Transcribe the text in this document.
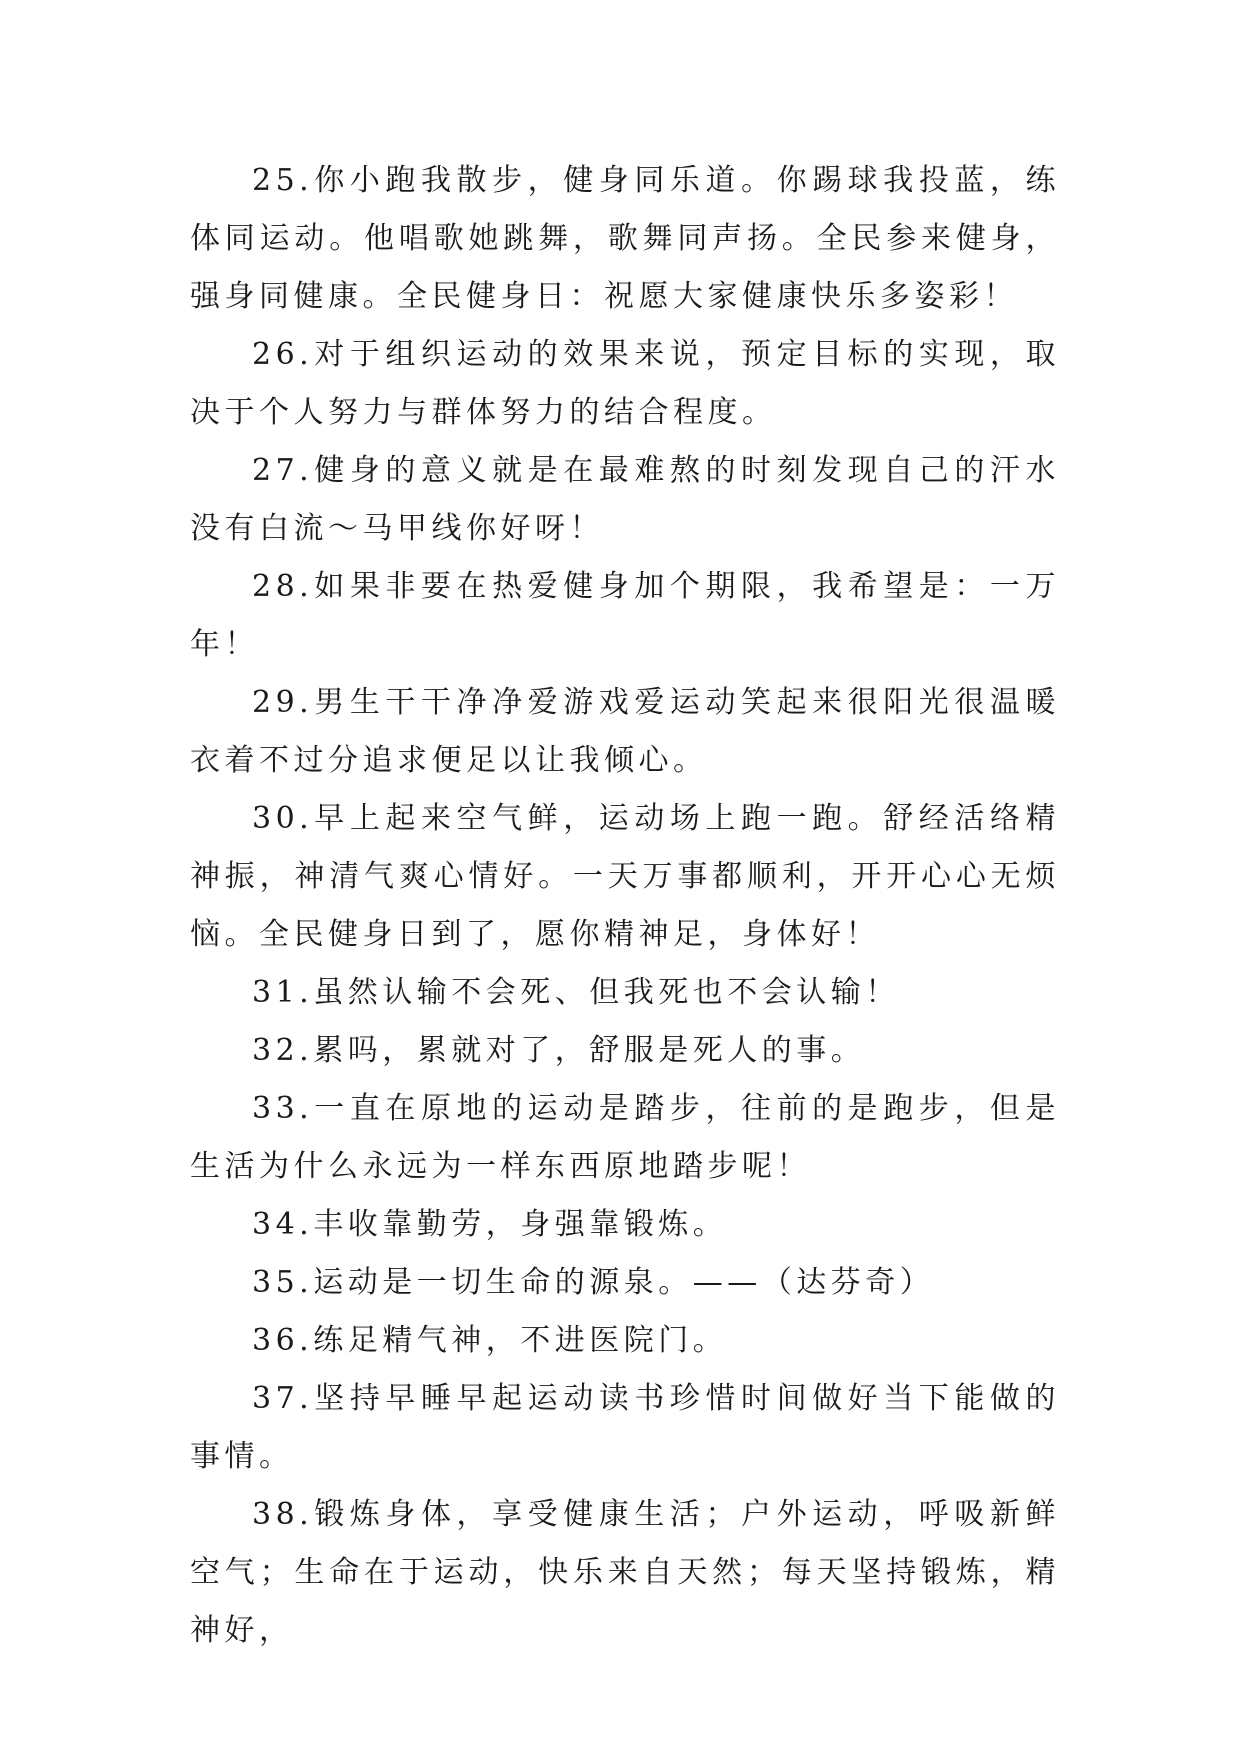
25.你小跑我散步，健身同乐道。你踢球我投蓝，练体同运动。他唱歌她跳舞，歌舞同声扬。全民参来健身，强身同健康。全民健身日：祝愿大家健康快乐多姿彩！

26.对于组织运动的效果来说，预定目标的实现，取决于个人努力与群体努力的结合程度。

27.健身的意义就是在最难熬的时刻发现自己的汗水没有白流～马甲线你好呀！

28.如果非要在热爱健身加个期限，我希望是：一万年！

29.男生干干净净爱游戏爱运动笑起来很阳光很温暖衣着不过分追求便足以让我倾心。

30.早上起来空气鲜，运动场上跑一跑。舒经活络精神振，神清气爽心情好。一天万事都顺利，开开心心无烦恼。全民健身日到了，愿你精神足，身体好！

31.虽然认输不会死、但我死也不会认输！

32.累吗，累就对了，舒服是死人的事。

33.一直在原地的运动是踏步，往前的是跑步，但是生活为什么永远为一样东西原地踏步呢！

34.丰收靠勤劳，身强靠锻炼。

35.运动是一切生命的源泉。——（达芬奇）

36.练足精气神，不进医院门。

37.坚持早睡早起运动读书珍惜时间做好当下能做的事情。

38.锻炼身体，享受健康生活；户外运动，呼吸新鲜空气；生命在于运动，快乐来自天然；每天坚持锻炼，精神好，
